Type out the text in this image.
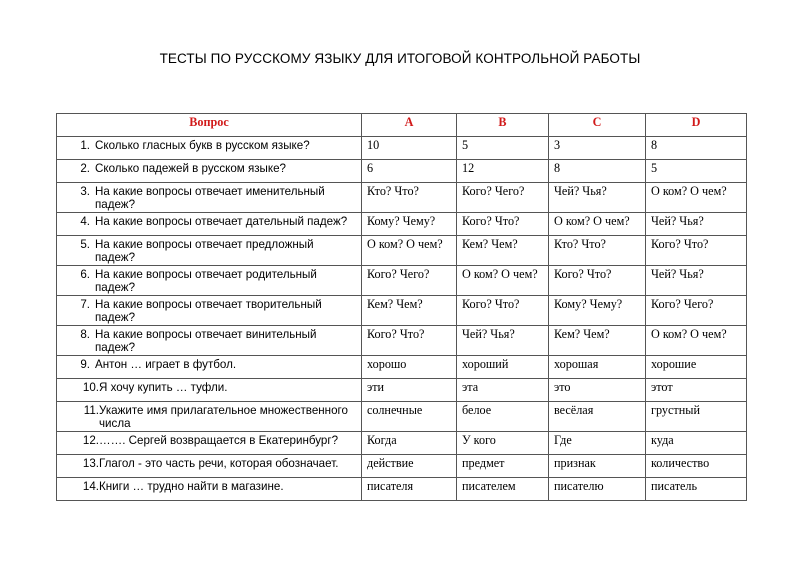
ТЕСТЫ ПО РУССКОМУ ЯЗЫКУ ДЛЯ ИТОГОВОЙ КОНТРОЛЬНОЙ РАБОТЫ
Вопрос	A	B	C	D

1. Сколько гласных букв в русском языке?	10	5	3	8

2. Сколько падежей в русском языке?	6	12	8	5

3. На какие вопросы отвечает именительный падеж?	Кто? Что?	Кого? Чего?	Чей? Чья?	О ком? О чем?

4. На какие вопросы отвечает дательный падеж?	Кому? Чему?	Кого? Что?	О ком? О чем?	Чей? Чья?

5. На какие вопросы отвечает предложный падеж?	О ком? О чем?	Кем? Чем?	Кто? Что?	Кого? Что?

6. На какие вопросы отвечает родительный падеж?	Кого? Чего?	О ком? О чем?	Кого? Что?	Чей? Чья?

7. На какие вопросы отвечает творительный падеж?	Кем? Чем?	Кого? Что?	Кому? Чему?	Кого? Чего?

8. На какие вопросы отвечает винительный падеж?	Кого? Что?	Чей? Чья?	Кем? Чем?	О ком? О чем?

9. Антон … играет в футбол.	хорошо	хороший	хорошая	хорошие

10. Я хочу купить … туфли.	эти	эта	это	этот

11. Укажите имя прилагательное множественного числа	солнечные	белое	весёлая	грустный

12. ……. Сергей возвращается в Екатеринбург?	Когда	У кого	Где	куда

13. Глагол - это часть речи, которая обозначает.	действие	предмет	признак	количество

14. Книги … трудно найти в магазине.	писателя	писателем	писателю	писатель
